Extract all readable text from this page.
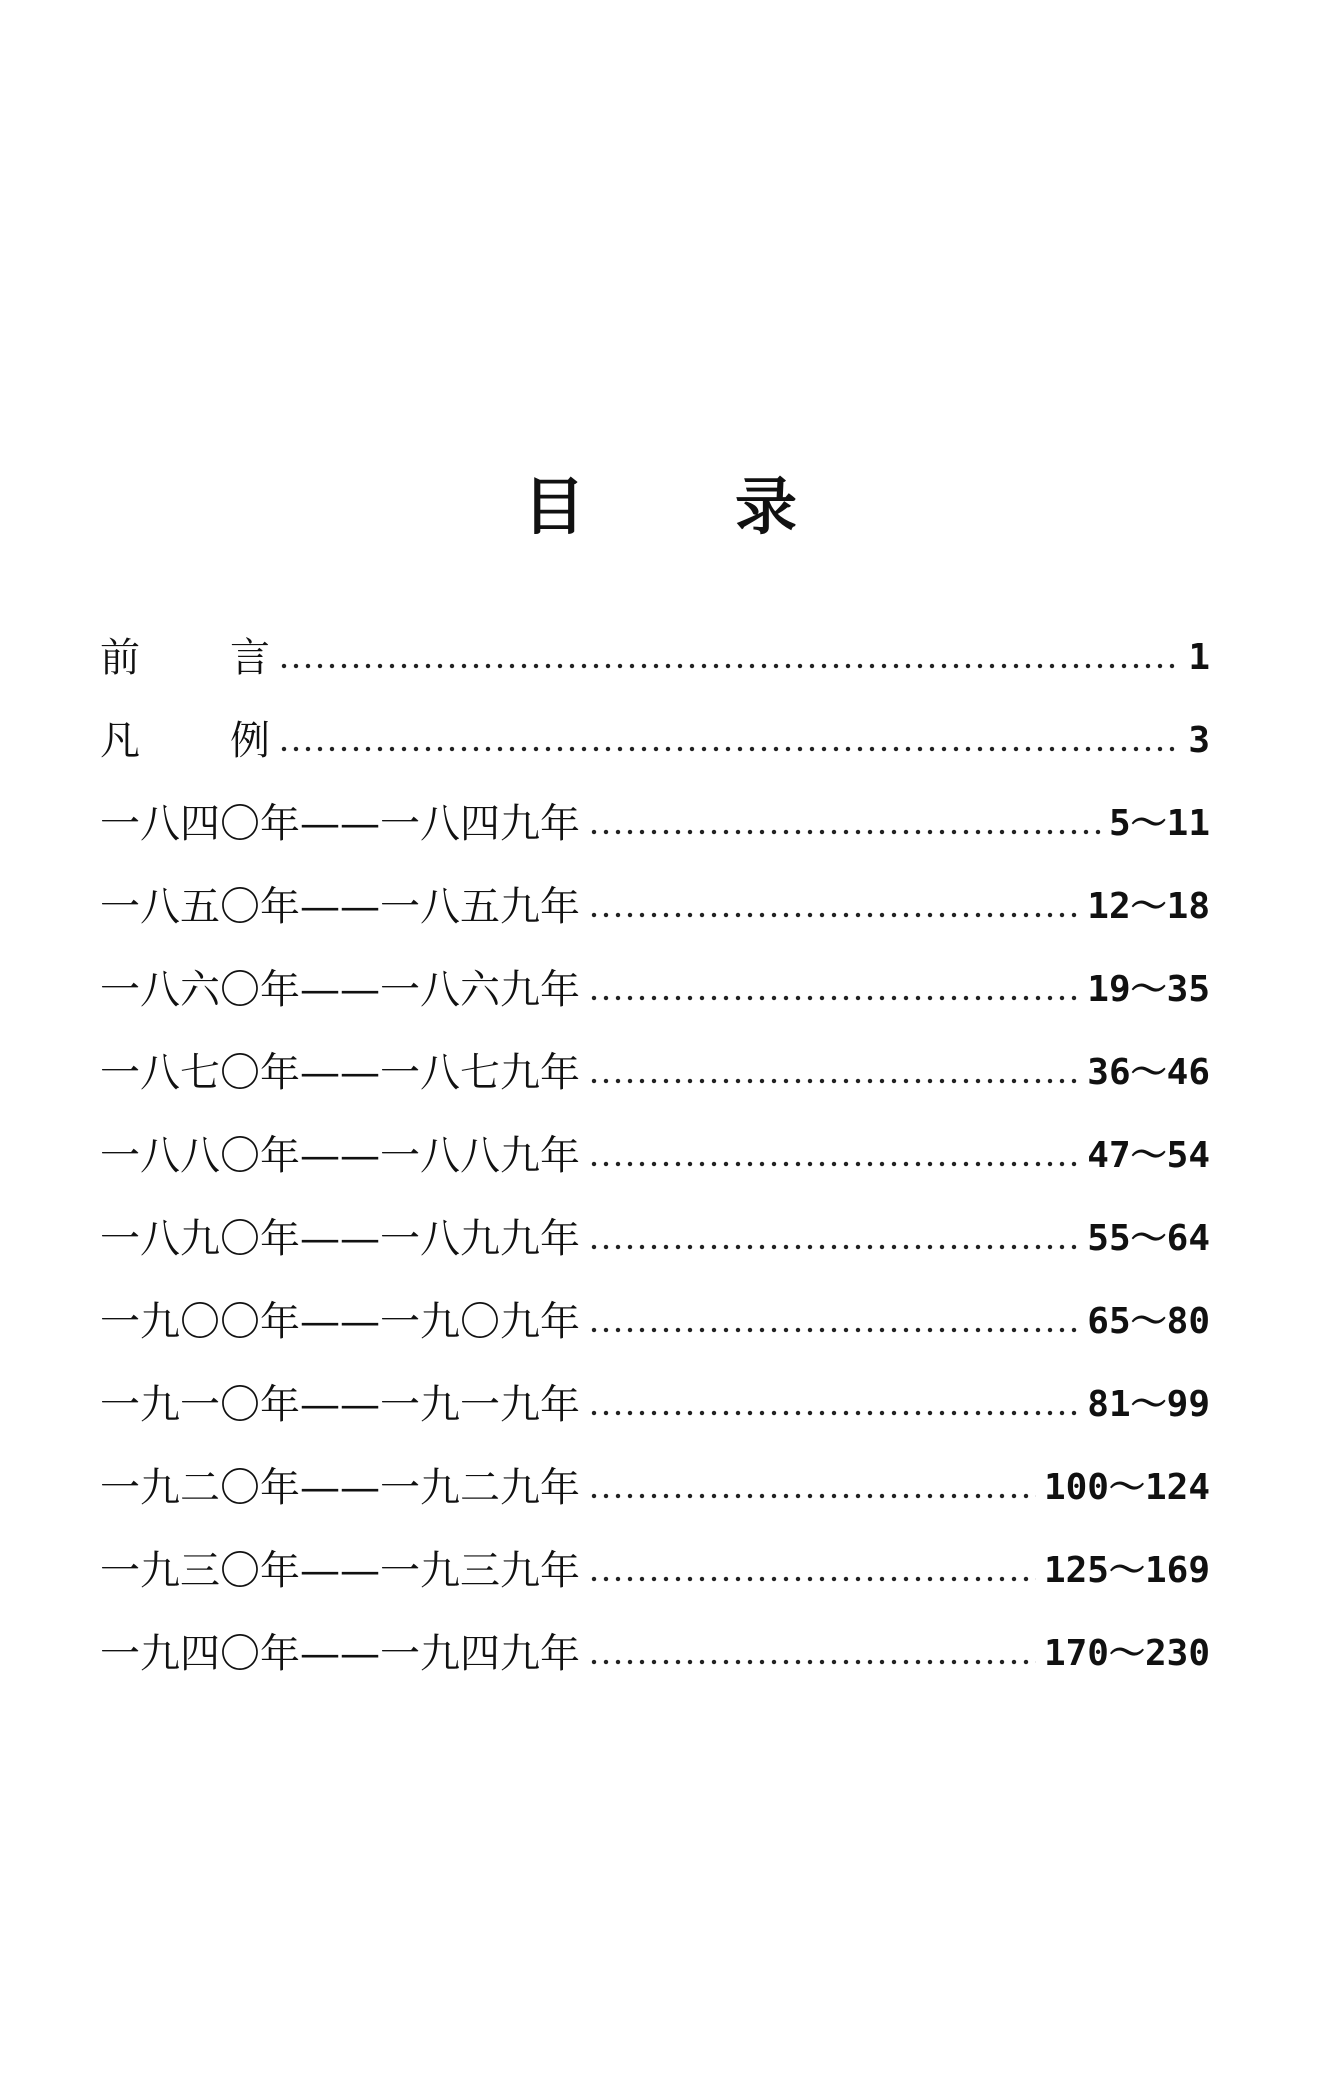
目 录
前 言	1
凡 例	3
一八四〇年——一八四九年	5～11
一八五〇年——一八五九年	12～18
一八六〇年——一八六九年	19～35
一八七〇年——一八七九年	36～46
一八八〇年——一八八九年	47～54
一八九〇年——一八九九年	55～64
一九〇〇年——一九〇九年	65～80
一九一〇年——一九一九年	81～99
一九二〇年——一九二九年	100～124
一九三〇年——一九三九年	125～169
一九四〇年——一九四九年	170～230
